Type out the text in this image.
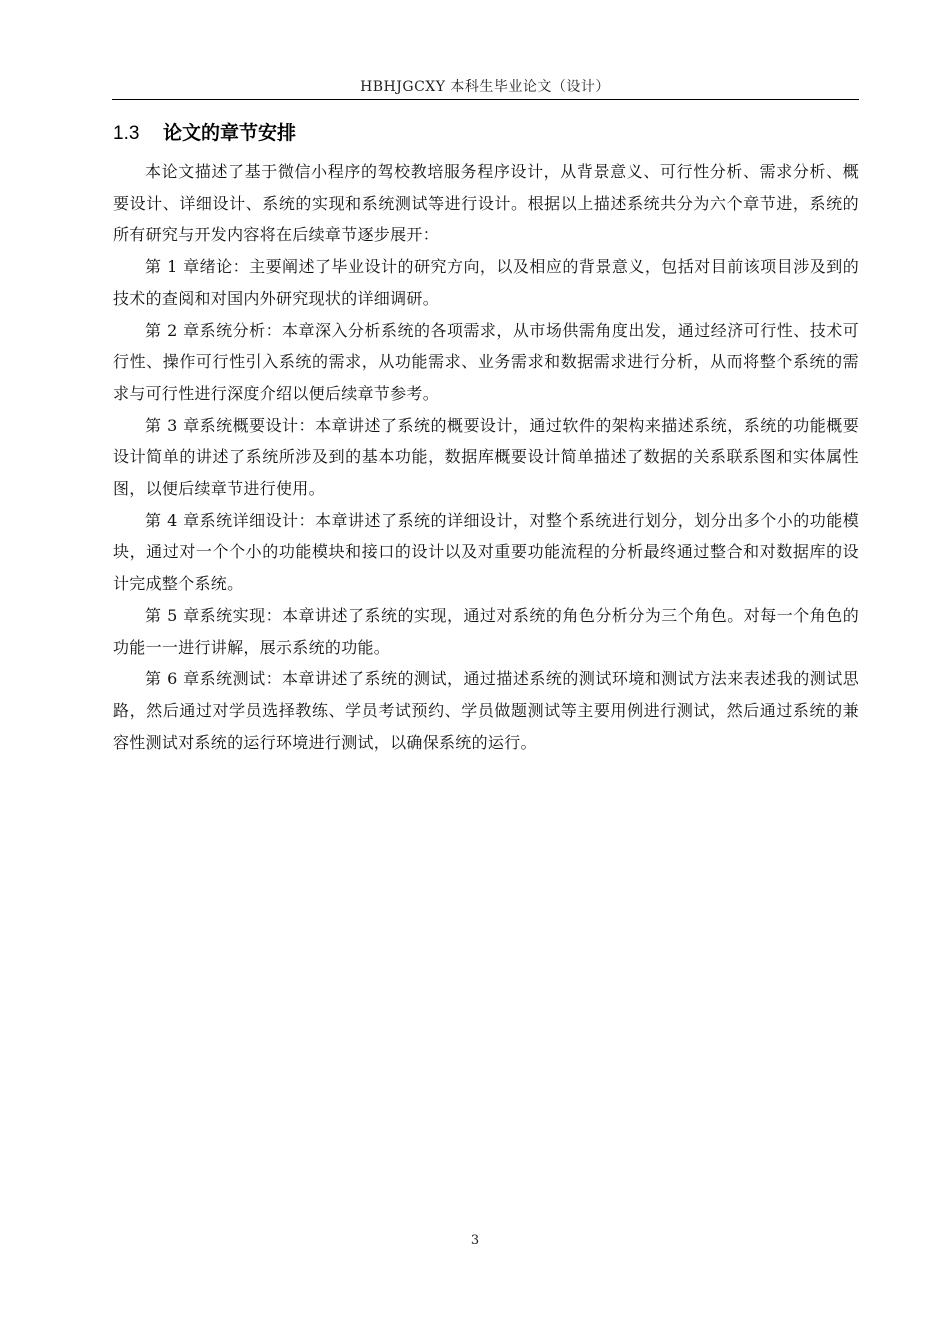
HBHJGCXY 本科生毕业论文（设计）
1.3 论文的章节安排

本论文描述了基于微信小程序的驾校教培服务程序设计，从背景意义、可行性分析、需求分析、概要设计、详细设计、系统的实现和系统测试等进行设计。根据以上描述系统共分为六个章节进，系统的所有研究与开发内容将在后续章节逐步展开：

第 1 章绪论：主要阐述了毕业设计的研究方向，以及相应的背景意义，包括对目前该项目涉及到的技术的查阅和对国内外研究现状的详细调研。

第 2 章系统分析：本章深入分析系统的各项需求，从市场供需角度出发，通过经济可行性、技术可行性、操作可行性引入系统的需求，从功能需求、业务需求和数据需求进行分析，从而将整个系统的需求与可行性进行深度介绍以便后续章节参考。

第 3 章系统概要设计：本章讲述了系统的概要设计，通过软件的架构来描述系统，系统的功能概要设计简单的讲述了系统所涉及到的基本功能，数据库概要设计简单描述了数据的关系联系图和实体属性图，以便后续章节进行使用。

第 4 章系统详细设计：本章讲述了系统的详细设计，对整个系统进行划分，划分出多个小的功能模块，通过对一个个小的功能模块和接口的设计以及对重要功能流程的分析最终通过整合和对数据库的设计完成整个系统。

第 5 章系统实现：本章讲述了系统的实现，通过对系统的角色分析分为三个角色。对每一个角色的功能一一进行讲解，展示系统的功能。

第 6 章系统测试：本章讲述了系统的测试，通过描述系统的测试环境和测试方法来表述我的测试思路，然后通过对学员选择教练、学员考试预约、学员做题测试等主要用例进行测试，然后通过系统的兼容性测试对系统的运行环境进行测试，以确保系统的运行。

3
